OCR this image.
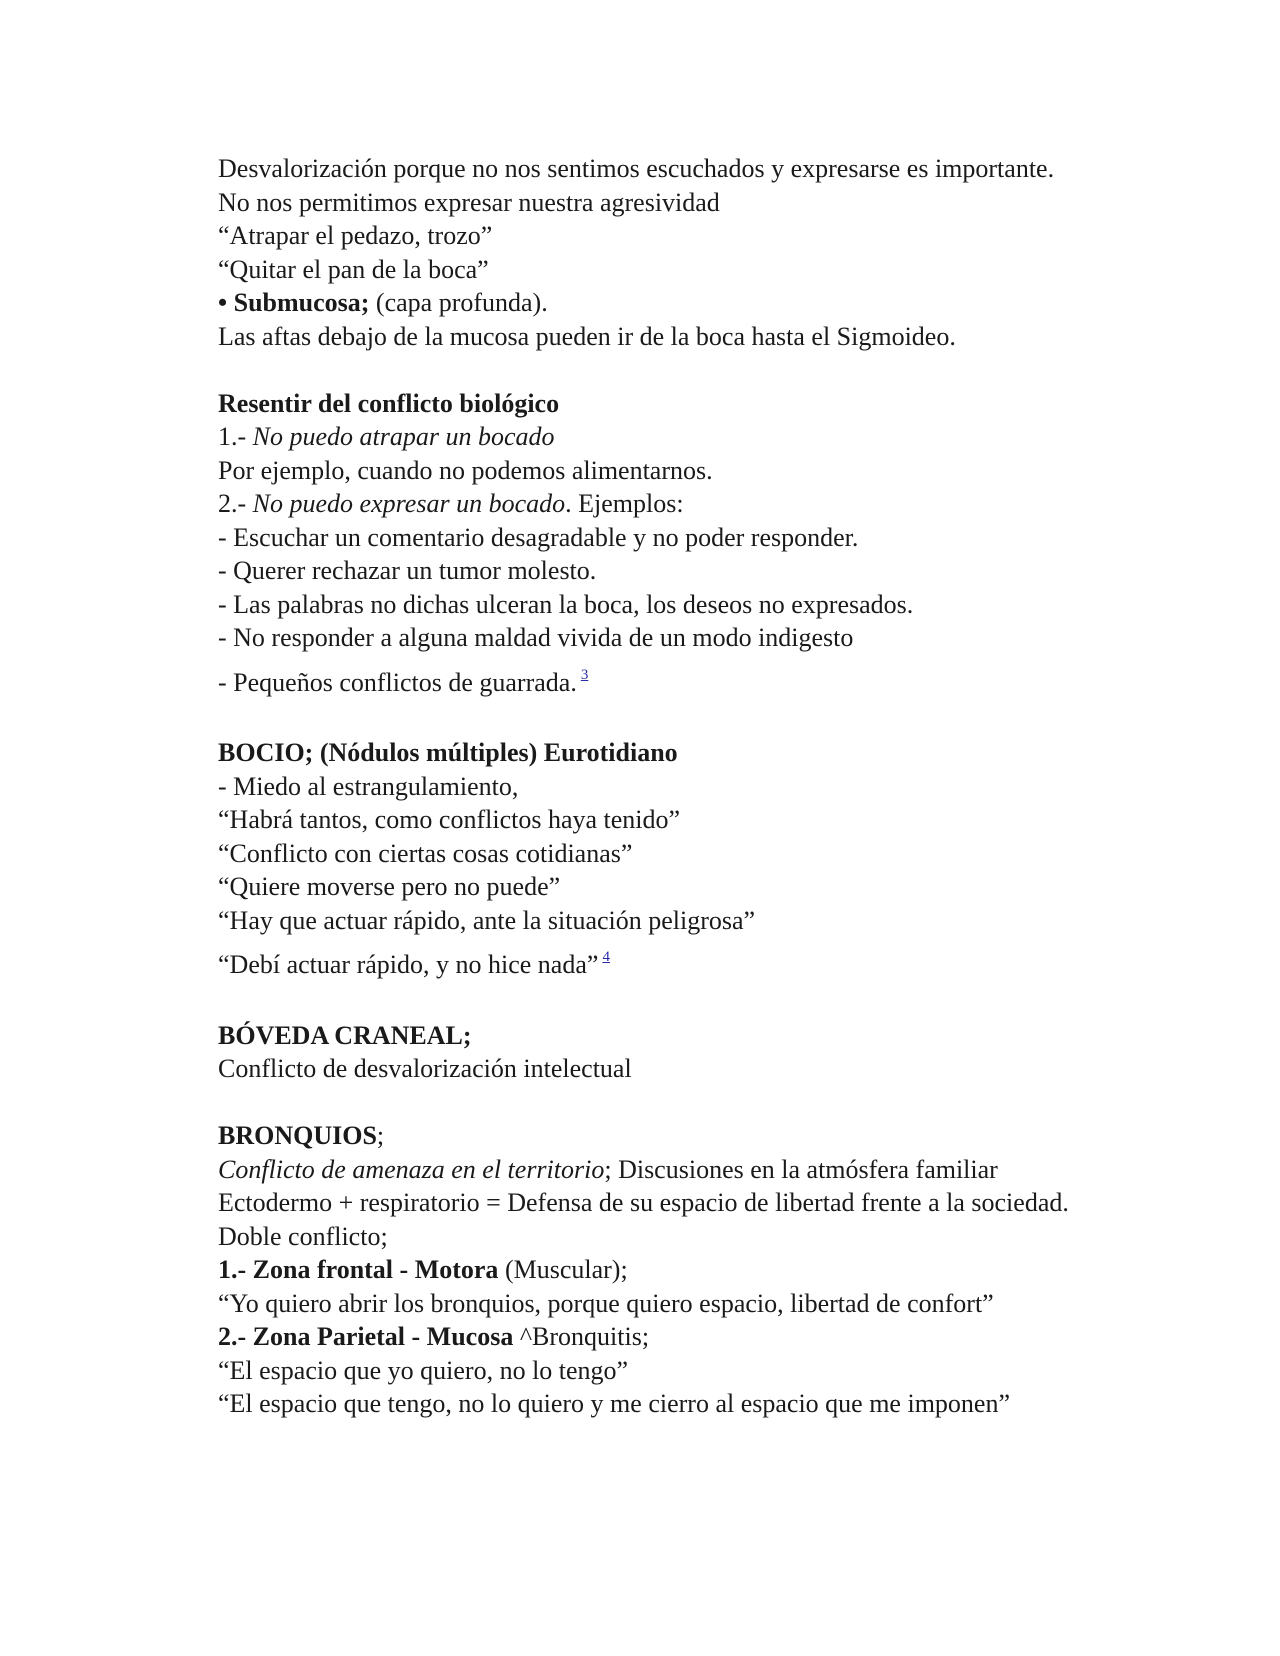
Desvalorización porque no nos sentimos escuchados y expresarse es importante.
No nos permitimos expresar nuestra agresividad
“Atrapar el pedazo, trozo”
“Quitar el pan de la boca”
• Submucosa; (capa profunda).
Las aftas debajo de la mucosa pueden ir de la boca hasta el Sigmoideo.
Resentir del conflicto biológico
1.- No puedo atrapar un bocado
Por ejemplo, cuando no podemos alimentarnos.
2.- No puedo expresar un bocado. Ejemplos:
- Escuchar un comentario desagradable y no poder responder.
- Querer rechazar un tumor molesto.
- Las palabras no dichas ulceran la boca, los deseos no expresados.
- No responder a alguna maldad vivida de un modo indigesto
- Pequeños conflictos de guarrada. $^3$
BOCIO; (Nódulos múltiples) Eurotidiano
- Miedo al estrangulamiento,
“Habrá tantos, como conflictos haya tenido”
“Conflicto con ciertas cosas cotidianas”
“Quiere moverse pero no puede”
“Hay que actuar rápido, ante la situación peligrosa”
“Debí actuar rápido, y no hice nada” $^4$
BÓVEDA CRANEAL;
Conflicto de desvalorización intelectual
BRONQUIOS;
Conflicto de amenaza en el territorio; Discusiones en la atmósfera familiar
Ectodermo + respiratorio = Defensa de su espacio de libertad frente a la sociedad.
Doble conflicto;
1.- Zona frontal - Motora (Muscular);
“Yo quiero abrir los bronquios, porque quiero espacio, libertad de confort”
2.- Zona Parietal - Mucosa ^Bronquitis;
“El espacio que yo quiero, no lo tengo”
“El espacio que tengo, no lo quiero y me cierro al espacio que me imponen”
